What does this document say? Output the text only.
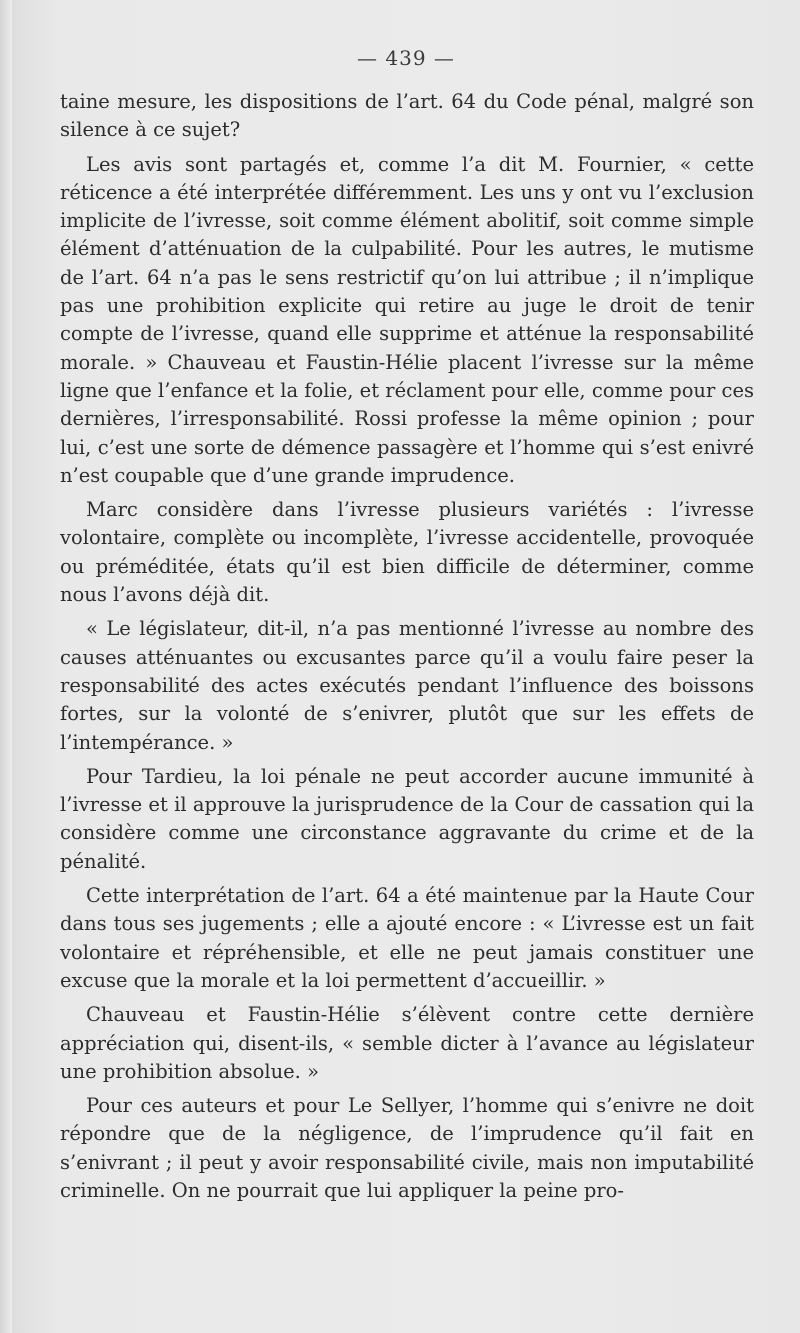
— 439 —

taine mesure, les dispositions de l’art. 64 du Code pénal, malgré son silence à ce sujet?

Les avis sont partagés et, comme l’a dit M. Fournier, « cette réticence a été interprétée différemment. Les uns y ont vu l’exclusion implicite de l’ivresse, soit comme élément abolitif, soit comme simple élément d’atténuation de la culpabilité. Pour les autres, le mutisme de l’art. 64 n’a pas le sens restrictif qu’on lui attribue ; il n’implique pas une prohibition explicite qui retire au juge le droit de tenir compte de l’ivresse, quand elle supprime et atténue la responsabilité morale. » Chauveau et Faustin-Hélie placent l’ivresse sur la même ligne que l’enfance et la folie, et réclament pour elle, comme pour ces dernières, l’irresponsabilité. Rossi professe la même opinion ; pour lui, c’est une sorte de démence passagère et l’homme qui s’est enivré n’est coupable que d’une grande imprudence.

Marc considère dans l’ivresse plusieurs variétés : l’ivresse volontaire, complète ou incomplète, l’ivresse accidentelle, provoquée ou préméditée, états qu’il est bien difficile de déterminer, comme nous l’avons déjà dit.

« Le législateur, dit-il, n’a pas mentionné l’ivresse au nombre des causes atténuantes ou excusantes parce qu’il a voulu faire peser la responsabilité des actes exécutés pendant l’influence des boissons fortes, sur la volonté de s’enivrer, plutôt que sur les effets de l’intempérance. »

Pour Tardieu, la loi pénale ne peut accorder aucune immunité à l’ivresse et il approuve la jurisprudence de la Cour de cassation qui la considère comme une circonstance aggravante du crime et de la pénalité.

Cette interprétation de l’art. 64 a été maintenue par la Haute Cour dans tous ses jugements ; elle a ajouté encore : « L’ivresse est un fait volontaire et répréhensible, et elle ne peut jamais constituer une excuse que la morale et la loi permettent d’accueillir. »

Chauveau et Faustin-Hélie s’élèvent contre cette dernière appréciation qui, disent-ils, « semble dicter à l’avance au législateur une prohibition absolue. »

Pour ces auteurs et pour Le Sellyer, l’homme qui s’enivre ne doit répondre que de la négligence, de l’imprudence qu’il fait en s’enivrant ; il peut y avoir responsabilité civile, mais non imputabilité criminelle. On ne pourrait que lui appliquer la peine pro-
